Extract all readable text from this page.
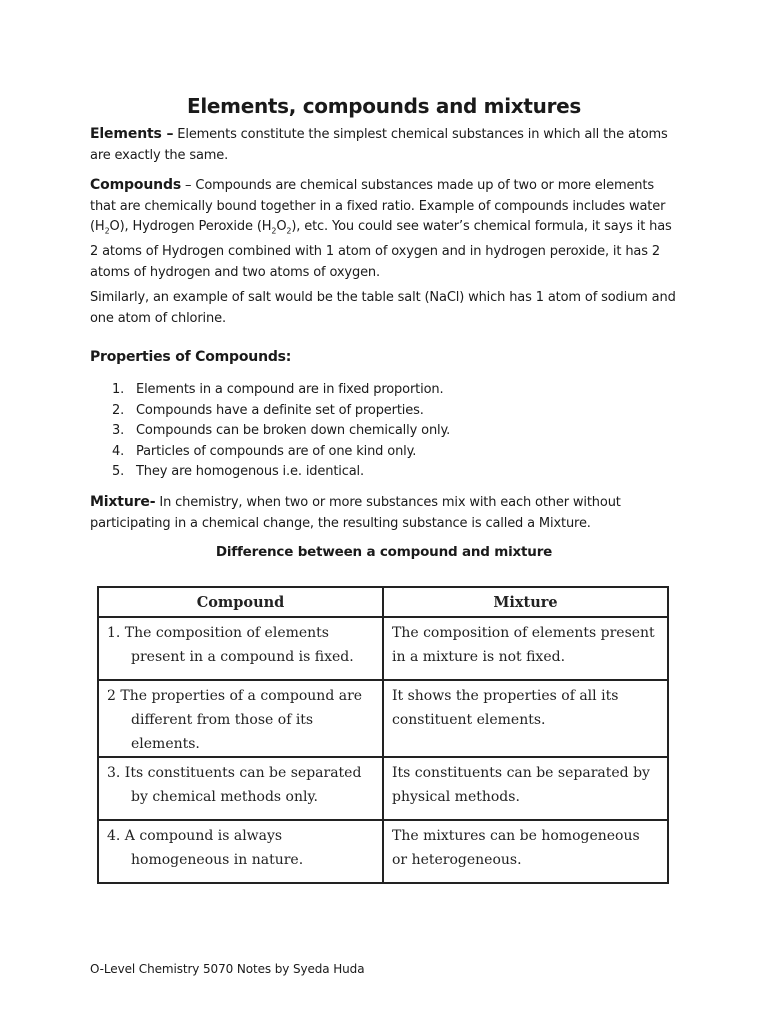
Elements, compounds and mixtures

Elements – Elements constitute the simplest chemical substances in which all the atoms are exactly the same.

Compounds – Compounds are chemical substances made up of two or more elements that are chemically bound together in a fixed ratio. Example of compounds includes water $(H_2O)$, Hydrogen Peroxide $(H_2O_2)$, etc. You could see water’s chemical formula, it says it has 2 atoms of Hydrogen combined with 1 atom of oxygen and in hydrogen peroxide, it has 2 atoms of hydrogen and two atoms of oxygen.

Similarly, an example of salt would be the table salt (NaCl) which has 1 atom of sodium and one atom of chlorine.

Properties of Compounds:
1. Elements in a compound are in fixed proportion.
2. Compounds have a definite set of properties.
3. Compounds can be broken down chemically only.
4. Particles of compounds are of one kind only.
5. They are homogenous i.e. identical.

Mixture- In chemistry, when two or more substances mix with each other without participating in a chemical change, the resulting substance is called a Mixture.

Difference between a compound and mixture
Compound	Mixture
1. The composition of elements present in a compound is fixed.	The composition of elements present in a mixture is not fixed.
2 The properties of a compound are different from those of its elements.	It shows the properties of all its constituent elements.
3. Its constituents can be separated by chemical methods only.	Its constituents can be separated by physical methods.
4. A compound is always homogeneous in nature.	The mixtures can be homogeneous or heterogeneous.
O-Level Chemistry 5070 Notes by Syeda Huda
